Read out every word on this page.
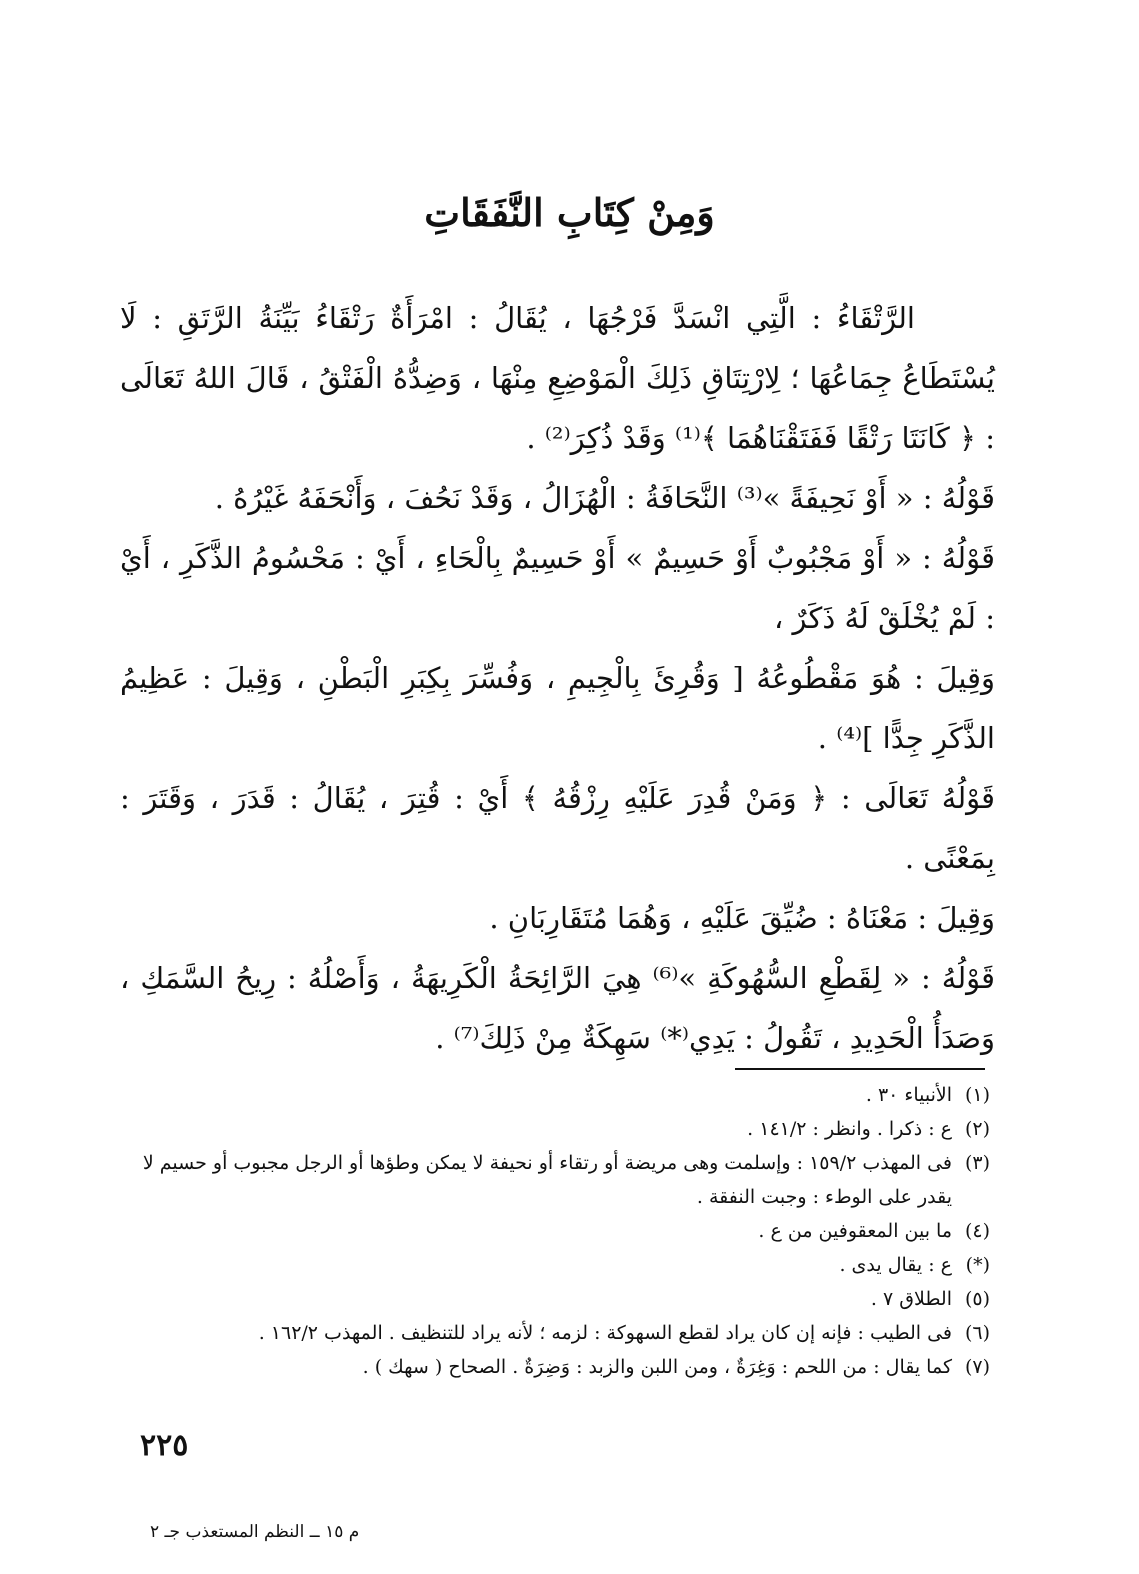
وَمِنْ كِتَابِ النَّفَقَاتِ

الرَّتْقَاءُ : الَّتِي انْسَدَّ فَرْجُهَا ، يُقَالُ : امْرَأَةٌ رَتْقَاءُ بَيِّنَةُ الرَّتَقِ : لَا يُسْتَطَاعُ جِمَاعُهَا ؛ لِارْتِتَاقِ ذَلِكَ الْمَوْضِعِ مِنْهَا ، وَضِدُّهُ الْفَتْقُ ، قَالَ اللهُ تَعَالَى : ﴿ كَانَتَا رَتْقًا فَفَتَقْنَاهُمَا ﴾⁽¹⁾ وَقَدْ ذُكِرَ⁽²⁾ .

قَوْلُهُ : « أَوْ نَحِيفَةً »⁽³⁾ النَّحَافَةُ : الْهُزَالُ ، وَقَدْ نَحُفَ ، وَأَنْحَفَهُ غَيْرُهُ .

قَوْلُهُ : « أَوْ مَجْبُوبٌ أَوْ حَسِيمٌ » أَوْ حَسِيمٌ بِالْحَاءِ ، أَيْ : مَحْسُومُ الذَّكَرِ ، أَيْ : لَمْ يُخْلَقْ لَهُ ذَكَرٌ ،

وَقِيلَ : هُوَ مَقْطُوعُهُ [ وَقُرِئَ بِالْجِيمِ ، وَفُسِّرَ بِكِبَرِ الْبَطْنِ ، وَقِيلَ : عَظِيمُ الذَّكَرِ جِدًّا ]⁽⁴⁾ .

قَوْلُهُ تَعَالَى : ﴿ وَمَنْ قُدِرَ عَلَيْهِ رِزْقُهُ ﴾ أَيْ : قُتِرَ ، يُقَالُ : قَدَرَ ، وَقَتَرَ : بِمَعْنًى .

وَقِيلَ : مَعْنَاهُ : ضُيِّقَ عَلَيْهِ ، وَهُمَا مُتَقَارِبَانِ .

قَوْلُهُ : « لِقَطْعِ السُّهُوكَةِ »⁽⁶⁾ هِيَ الرَّائِحَةُ الْكَرِيهَةُ ، وَأَصْلُهُ : رِيحُ السَّمَكِ ، وَصَدَأُ الْحَدِيدِ ، تَقُولُ : يَدِي⁽*⁾ سَهِكَةٌ مِنْ ذَلِكَ⁽⁷⁾ .

(١)
الأنبياء ٣٠ .
(٢)
ع : ذكرا . وانظر : ١٤١/٢ .
(٣)
فى المهذب ١٥٩/٢ : وإسلمت وهى مريضة أو رتقاء أو نحيفة لا يمكن وطؤها أو الرجل مجبوب أو حسيم لا يقدر على الوطء : وجبت النفقة .
(٤)
ما بين المعقوفين من ع .
(*)
ع : يقال يدى .
(٥)
الطلاق ٧ .
(٦)
فى الطيب : فإنه إن كان يراد لقطع السهوكة : لزمه ؛ لأنه يراد للتنظيف . المهذب ١٦٢/٢ .
(٧)
كما يقال : من اللحم : وَغِرَةٌ ، ومن اللبن والزبد : وَضِرَةٌ . الصحاح ( سهك ) .
٢٢٥
م ١٥ ــ النظم المستعذب جـ ٢
